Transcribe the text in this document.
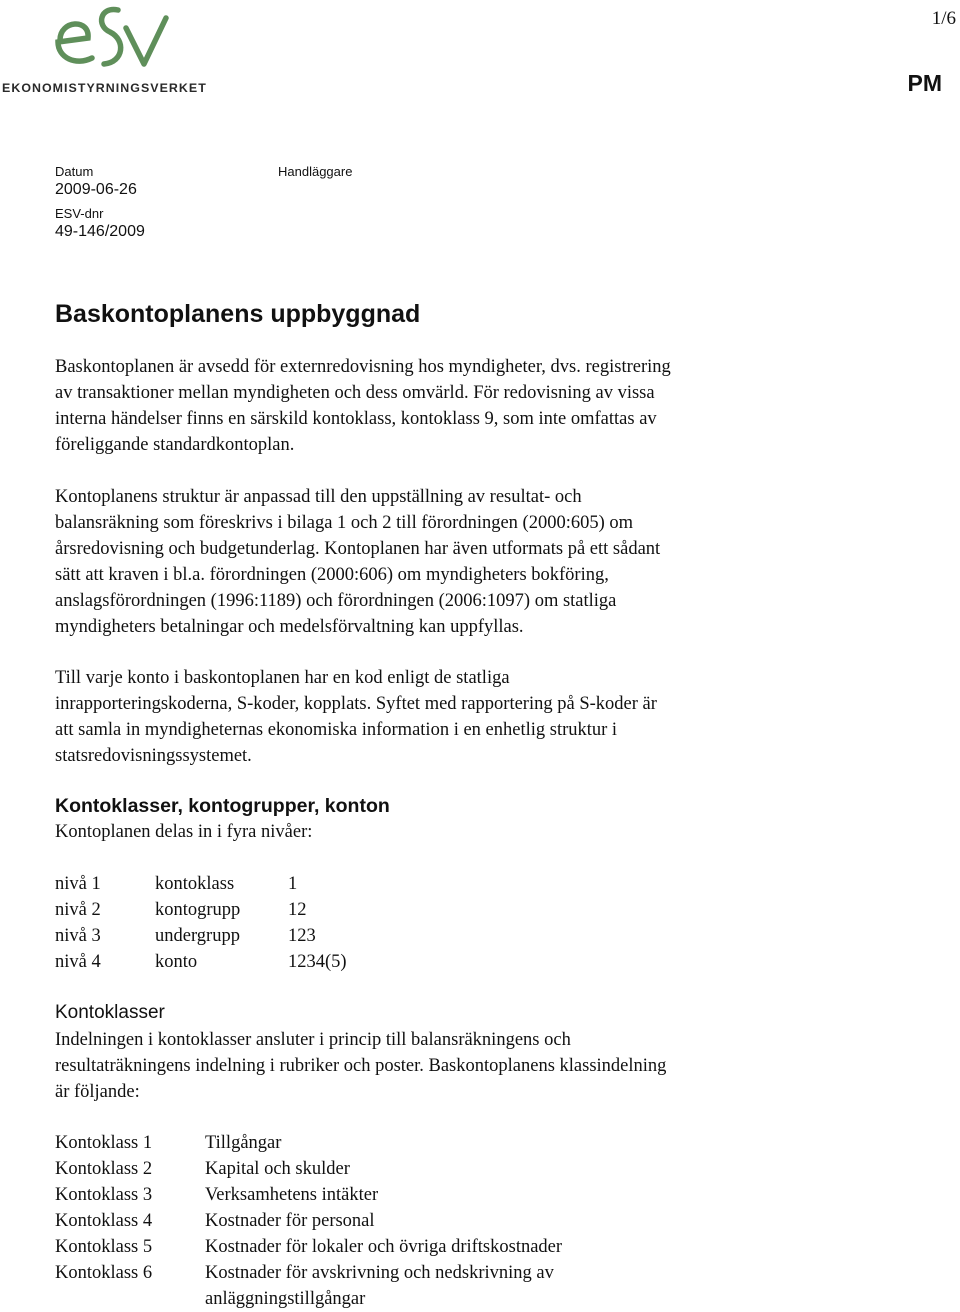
EKONOMISTYRNINGSVERKET
1/6
PM
Datum
2009-06-26
ESV-dnr
49-146/2009
Handläggare
Baskontoplanens uppbyggnad

Baskontoplanen är avsedd för externredovisning hos myndigheter, dvs. registrering
av transaktioner mellan myndigheten och dess omvärld. För redovisning av vissa
interna händelser finns en särskild kontoklass, kontoklass 9, som inte omfattas av
föreliggande standardkontoplan.

Kontoplanens struktur är anpassad till den uppställning av resultat- och
balansräkning som föreskrivs i bilaga 1 och 2 till förordningen (2000:605) om
årsredovisning och budgetunderlag. Kontoplanen har även utformats på ett sådant
sätt att kraven i bl.a. förordningen (2000:606) om myndigheters bokföring,
anslagsförordningen (1996:1189) och förordningen (2006:1097) om statliga
myndigheters betalningar och medelsförvaltning kan uppfyllas.

Till varje konto i baskontoplanen har en kod enligt de statliga
inrapporteringskoderna, S-koder, kopplats. Syftet med rapportering på S-koder är
att samla in myndigheternas ekonomiska information i en enhetlig struktur i
statsredovisningssystemet.

Kontoklasser, kontogrupper, konton

Kontoplanen delas in i fyra nivåer:

nivå 1	kontoklass	1
nivå 2	kontogrupp	12
nivå 3	undergrupp	123
nivå 4	konto	1234(5)
Kontoklasser

Indelningen i kontoklasser ansluter i princip till balansräkningens och
resultaträkningens indelning i rubriker och poster. Baskontoplanens klassindelning
är följande:

Kontoklass 1	Tillgångar
Kontoklass 2	Kapital och skulder
Kontoklass 3	Verksamhetens intäkter
Kontoklass 4	Kostnader för personal
Kontoklass 5	Kostnader för lokaler och övriga driftskostnader
Kontoklass 6	Kostnader för avskrivning och nedskrivning av
anläggningstillgångar
